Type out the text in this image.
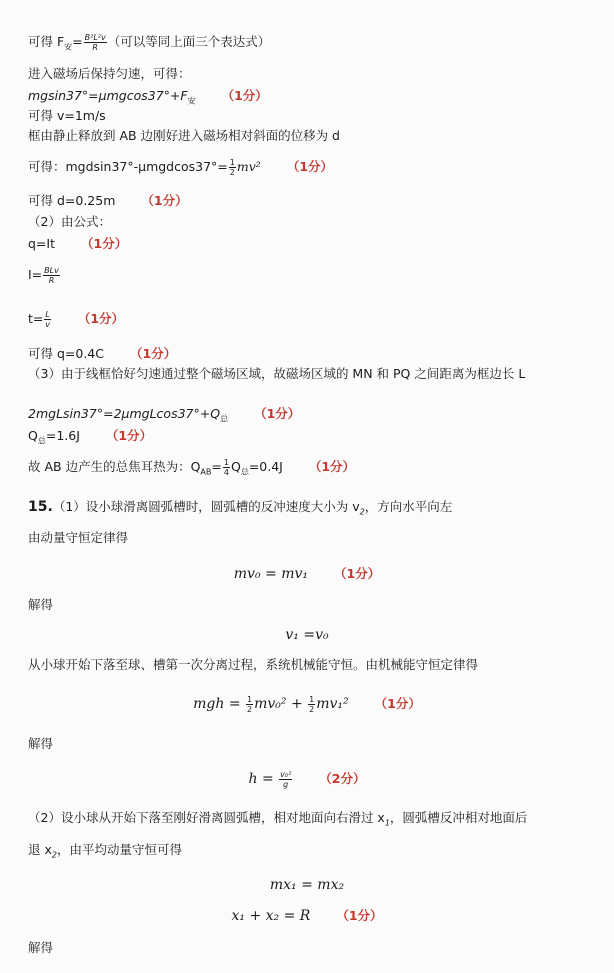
可得 $F_安= \frac{\text{B²L²v}}{R}$ （可以等同上面三个表达式）
进入磁场后保持匀速，可得：
$mgsin37^\circ=\mu mgcos37^\circ+F_安$ （1分）
可得 v=1m/s
框由静止释放到 AB 边刚好进入磁场相对斜面的位移为 d
可得：$mgdsin37^\circ-\mu mgdcos37^\circ= \frac{1}{2} mv^2$ （1分）
可得 d=0.25m （1分）
（2）由公式：
q=It （1分）
$I= \frac{\text{BLv}}{R}$
$t= \frac{L}{v} (1$分）
可得 q=0.4C （1分）
（3）由于线框恰好匀速通过整个磁场区域，故磁场区域的 MN 和 PQ 之间距离为框边长 L
$2mgLsin37^\circ=2\mu mgLcos37^\circ+Q_总$ （1分）
$Q_总=1.6J$ （1分）
故 AB 边产生的总焦耳热为：$Q_{AB}= \frac{1}{4} Q_总=0.4J$ （1分）
15.（1）设小球滑离圆弧槽时，圆弧槽的反冲速度大小为 $v_2$，方向水平向左
由动量守恒定律得
mv₀ = mv₁ （1分）
解得
v₁ =v₀
从小球开始下落至球、槽第一次分离过程，系统机械能守恒。由机械能守恒定律得
mgh = $\frac{1}{2} mv_0^2 + \frac{1}{2} mv_1^2$ （1分）
解得
$h = \frac{\text{v₀²}}{g} (2$分）
（2）设小球从开始下落至刚好滑离圆弧槽，相对地面向右滑过 $x_1$，圆弧槽反冲相对地面后
退 $x_2$，由平均动量守恒可得
mx₁ = mx₂
x₁ + x₂ = R （1分）
解得
